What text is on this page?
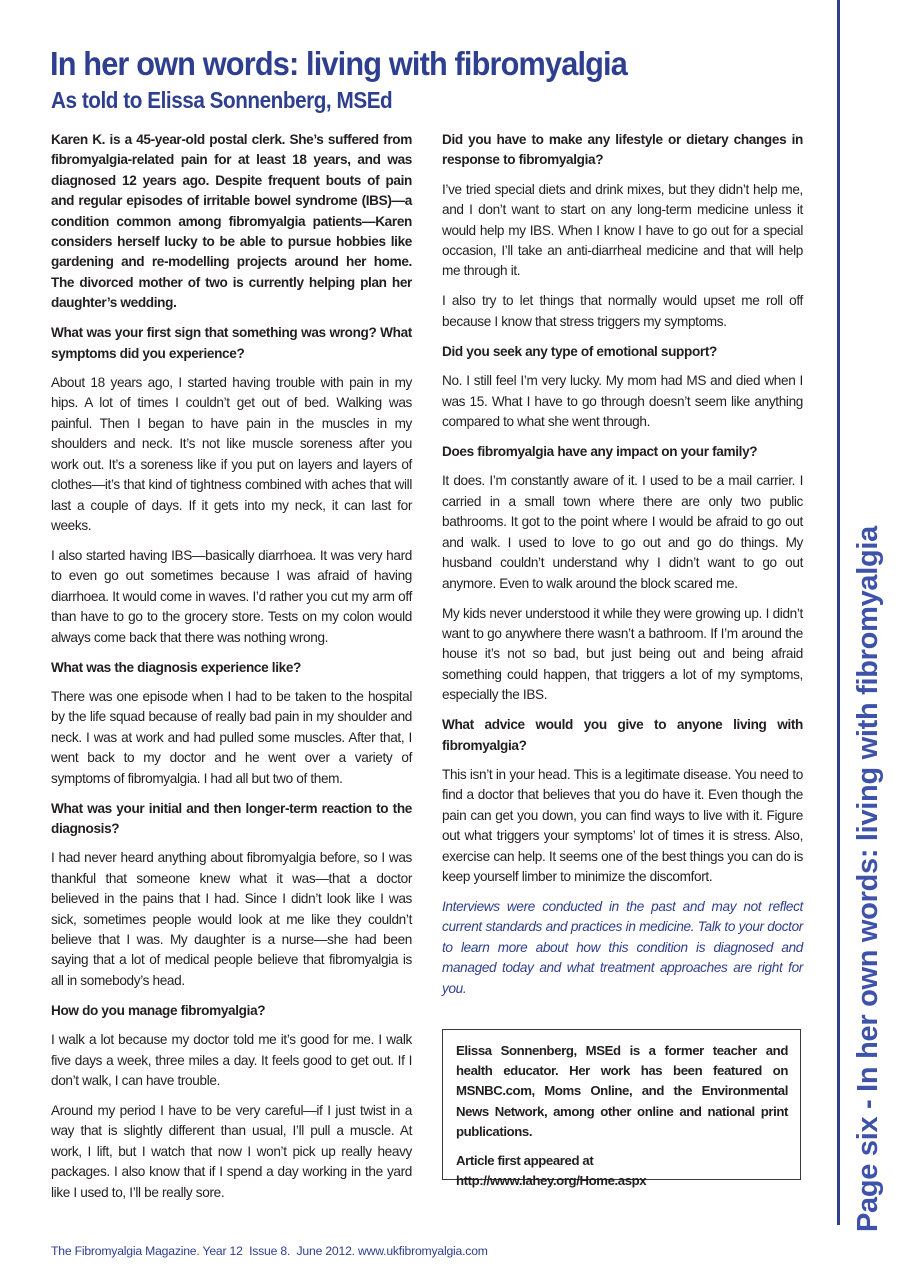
In her own words: living with fibromyalgia
As told to Elissa Sonnenberg, MSEd

Karen K. is a 45-year-old postal clerk. She’s suffered from fibromyalgia-related pain for at least 18 years, and was diagnosed 12 years ago. Despite frequent bouts of pain and regular episodes of irritable bowel syndrome (IBS)—a condition common among fibromyalgia patients—Karen considers herself lucky to be able to pursue hobbies like gardening and re-modelling projects around her home. The divorced mother of two is currently helping plan her daughter’s wedding.

What was your first sign that something was wrong? What symptoms did you experience?

About 18 years ago, I started having trouble with pain in my hips. A lot of times I couldn’t get out of bed. Walking was painful. Then I began to have pain in the muscles in my shoulders and neck. It’s not like muscle soreness after you work out. It’s a soreness like if you put on layers and layers of clothes—it’s that kind of tightness combined with aches that will last a couple of days. If it gets into my neck, it can last for weeks.

I also started having IBS—basically diarrhoea. It was very hard to even go out sometimes because I was afraid of having diarrhoea. It would come in waves. I’d rather you cut my arm off than have to go to the grocery store. Tests on my colon would always come back that there was nothing wrong.

What was the diagnosis experience like?

There was one episode when I had to be taken to the hospital by the life squad because of really bad pain in my shoulder and neck. I was at work and had pulled some muscles. After that, I went back to my doctor and he went over a variety of symptoms of fibromyalgia. I had all but two of them.

What was your initial and then longer-term reaction to the diagnosis?

I had never heard anything about fibromyalgia before, so I was thankful that someone knew what it was—that a doctor believed in the pains that I had. Since I didn’t look like I was sick, sometimes people would look at me like they couldn’t believe that I was. My daughter is a nurse—she had been saying that a lot of medical people believe that fibromyalgia is all in somebody’s head.

How do you manage fibromyalgia?

I walk a lot because my doctor told me it’s good for me. I walk five days a week, three miles a day. It feels good to get out. If I don’t walk, I can have trouble.

Around my period I have to be very careful—if I just twist in a way that is slightly different than usual, I’ll pull a muscle. At work, I lift, but I watch that now I won’t pick up really heavy packages. I also know that if I spend a day working in the yard like I used to, I’ll be really sore.

Did you have to make any lifestyle or dietary changes in response to fibromyalgia?

I’ve tried special diets and drink mixes, but they didn’t help me, and I don’t want to start on any long-term medicine unless it would help my IBS. When I know I have to go out for a special occasion, I’ll take an anti-diarrheal medicine and that will help me through it.

I also try to let things that normally would upset me roll off because I know that stress triggers my symptoms.

Did you seek any type of emotional support?

No. I still feel I’m very lucky. My mom had MS and died when I was 15. What I have to go through doesn’t seem like anything compared to what she went through.

Does fibromyalgia have any impact on your family?

It does. I’m constantly aware of it. I used to be a mail carrier. I carried in a small town where there are only two public bathrooms. It got to the point where I would be afraid to go out and walk. I used to love to go out and go do things. My husband couldn’t understand why I didn’t want to go out anymore. Even to walk around the block scared me.

My kids never understood it while they were growing up. I didn’t want to go anywhere there wasn’t a bathroom. If I’m around the house it’s not so bad, but just being out and being afraid something could happen, that triggers a lot of my symptoms, especially the IBS.

What advice would you give to anyone living with fibromyalgia?

This isn’t in your head. This is a legitimate disease. You need to find a doctor that believes that you do have it. Even though the pain can get you down, you can find ways to live with it. Figure out what triggers your symptoms’ lot of times it is stress. Also, exercise can help. It seems one of the best things you can do is keep yourself limber to minimize the discomfort.

Interviews were conducted in the past and may not reflect current standards and practices in medicine. Talk to your doctor to learn more about how this condition is diagnosed and managed today and what treatment approaches are right for you.

Elissa Sonnenberg, MSEd is a former teacher and health educator. Her work has been featured on MSNBC.com, Moms Online, and the Environmental News Network, among other online and national print publications.

Article first appeared at
http://www.lahey.org/Home.aspx	Page six - In her own words: living with fibromyalgia
The Fibromyalgia Magazine. Year 12  Issue 8.  June 2012. www.ukfibromyalgia.com
